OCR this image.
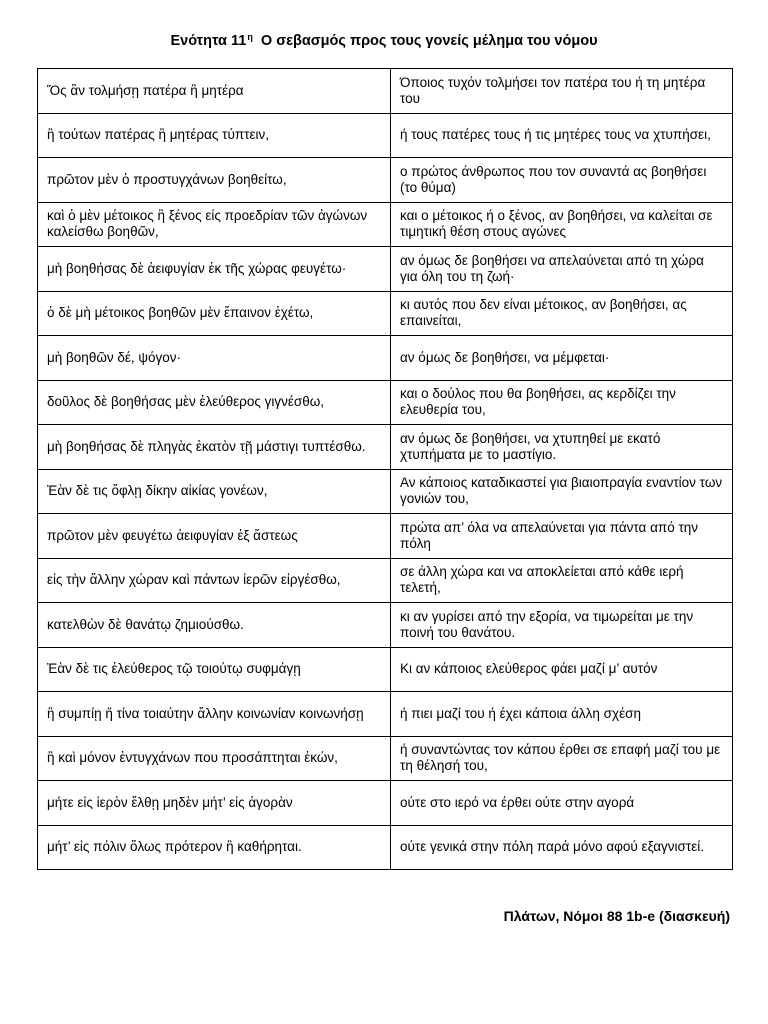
Ενότητα $11^\eta$ Ο σεβασμός προς τους γονείς μέλημα του νόμου
Ὅς ἂν τολμήσῃ πατέρα ἢ μητέρα	Όποιος τυχόν τολμήσει τον πατέρα του ή τη μητέρα του
ἢ τούτων πατέρας ἢ μητέρας τύπτειν,	ή τους πατέρες τους ή τις μητέρες τους να χτυπήσει,
πρῶτον μὲν ὁ προστυγχάνων βοηθείτω,	ο πρώτος άνθρωπος που τον συναντά ας βοηθήσει (το θύμα)
καὶ ὁ μὲν μέτοικος ἢ ξένος εἰς προεδρίαν τῶν ἀγώνων καλείσθω βοηθῶν,	και ο μέτοικος ή ο ξένος, αν βοηθήσει, να καλείται σε τιμητική θέση στους αγώνες
μὴ βοηθήσας δὲ ἀειφυγίαν ἐκ τῆς χώρας φευγέτω·	αν όμως δε βοηθήσει να απελαύνεται από τη χώρα για όλη του τη ζωή·
ὁ δὲ μὴ μέτοικος βοηθῶν μὲν ἔπαινον ἐχέτω,	κι αυτός που δεν είναι μέτοικος, αν βοηθήσει, ας επαινείται,
μὴ βοηθῶν δέ, ψόγον·	αν όμως δε βοηθήσει, να μέμφεται·
δοῦλος δὲ βοηθήσας μὲν ἐλεύθερος γιγνέσθω,	και ο δούλος που θα βοηθήσει, ας κερδίζει την ελευθερία του,
μὴ βοηθήσας δὲ πληγὰς ἑκατὸν τῇ μάστιγι τυπτέσθω.	αν όμως δε βοηθήσει, να χτυπηθεί με εκατό χτυπήματα με το μαστίγιο.
Ἐὰν δὲ τις ὄφλῃ δίκην αἰκίας γονέων,	Αν κάποιος καταδικαστεί για βιαιοπραγία εναντίον των γονιών του,
πρῶτον μὲν φευγέτω ἀειφυγίαν ἐξ ἄστεως	πρώτα απ’ όλα να απελαύνεται για πάντα από την πόλη
εἰς τὴν ἄλλην χώραν καὶ πάντων ἱερῶν εἰργέσθω,	σε άλλη χώρα και να αποκλείεται από κάθε ιερή τελετή,
κατελθὼν δὲ θανάτῳ ζημιούσθω.	κι αν γυρίσει από την εξορία, να τιμωρείται με την ποινή του θανάτου.
Ἐὰν δὲ τις ἐλεύθερος τῷ τοιούτῳ συφμάγῃ	Κι αν κάποιος ελεύθερος φάει μαζί μ’ αυτόν
ἢ συμπίῃ ἤ τίνα τοιαύτην ἄλλην κοινωνίαν κοινωνήσῃ	ή πιει μαζί του ή έχει κάποια άλλη σχέση
ἢ καὶ μόνον ἐντυγχάνων που προσάπτηται ἑκών,	ή συναντώντας τον κάπου έρθει σε επαφή μαζί του με τη θέλησή του,
μήτε εἰς ἱερὸν ἔλθῃ μηδὲν μήτ’ εἰς ἀγορὰν	ούτε στο ιερό να έρθει ούτε στην αγορά
μήτ’ εἰς πόλιν ὅλως πρότερον ἢ καθήρηται.	ούτε γενικά στην πόλη παρά μόνο αφού εξαγνιστεί.
Πλάτων, Νόμοι 88 1b-e (διασκευή)
